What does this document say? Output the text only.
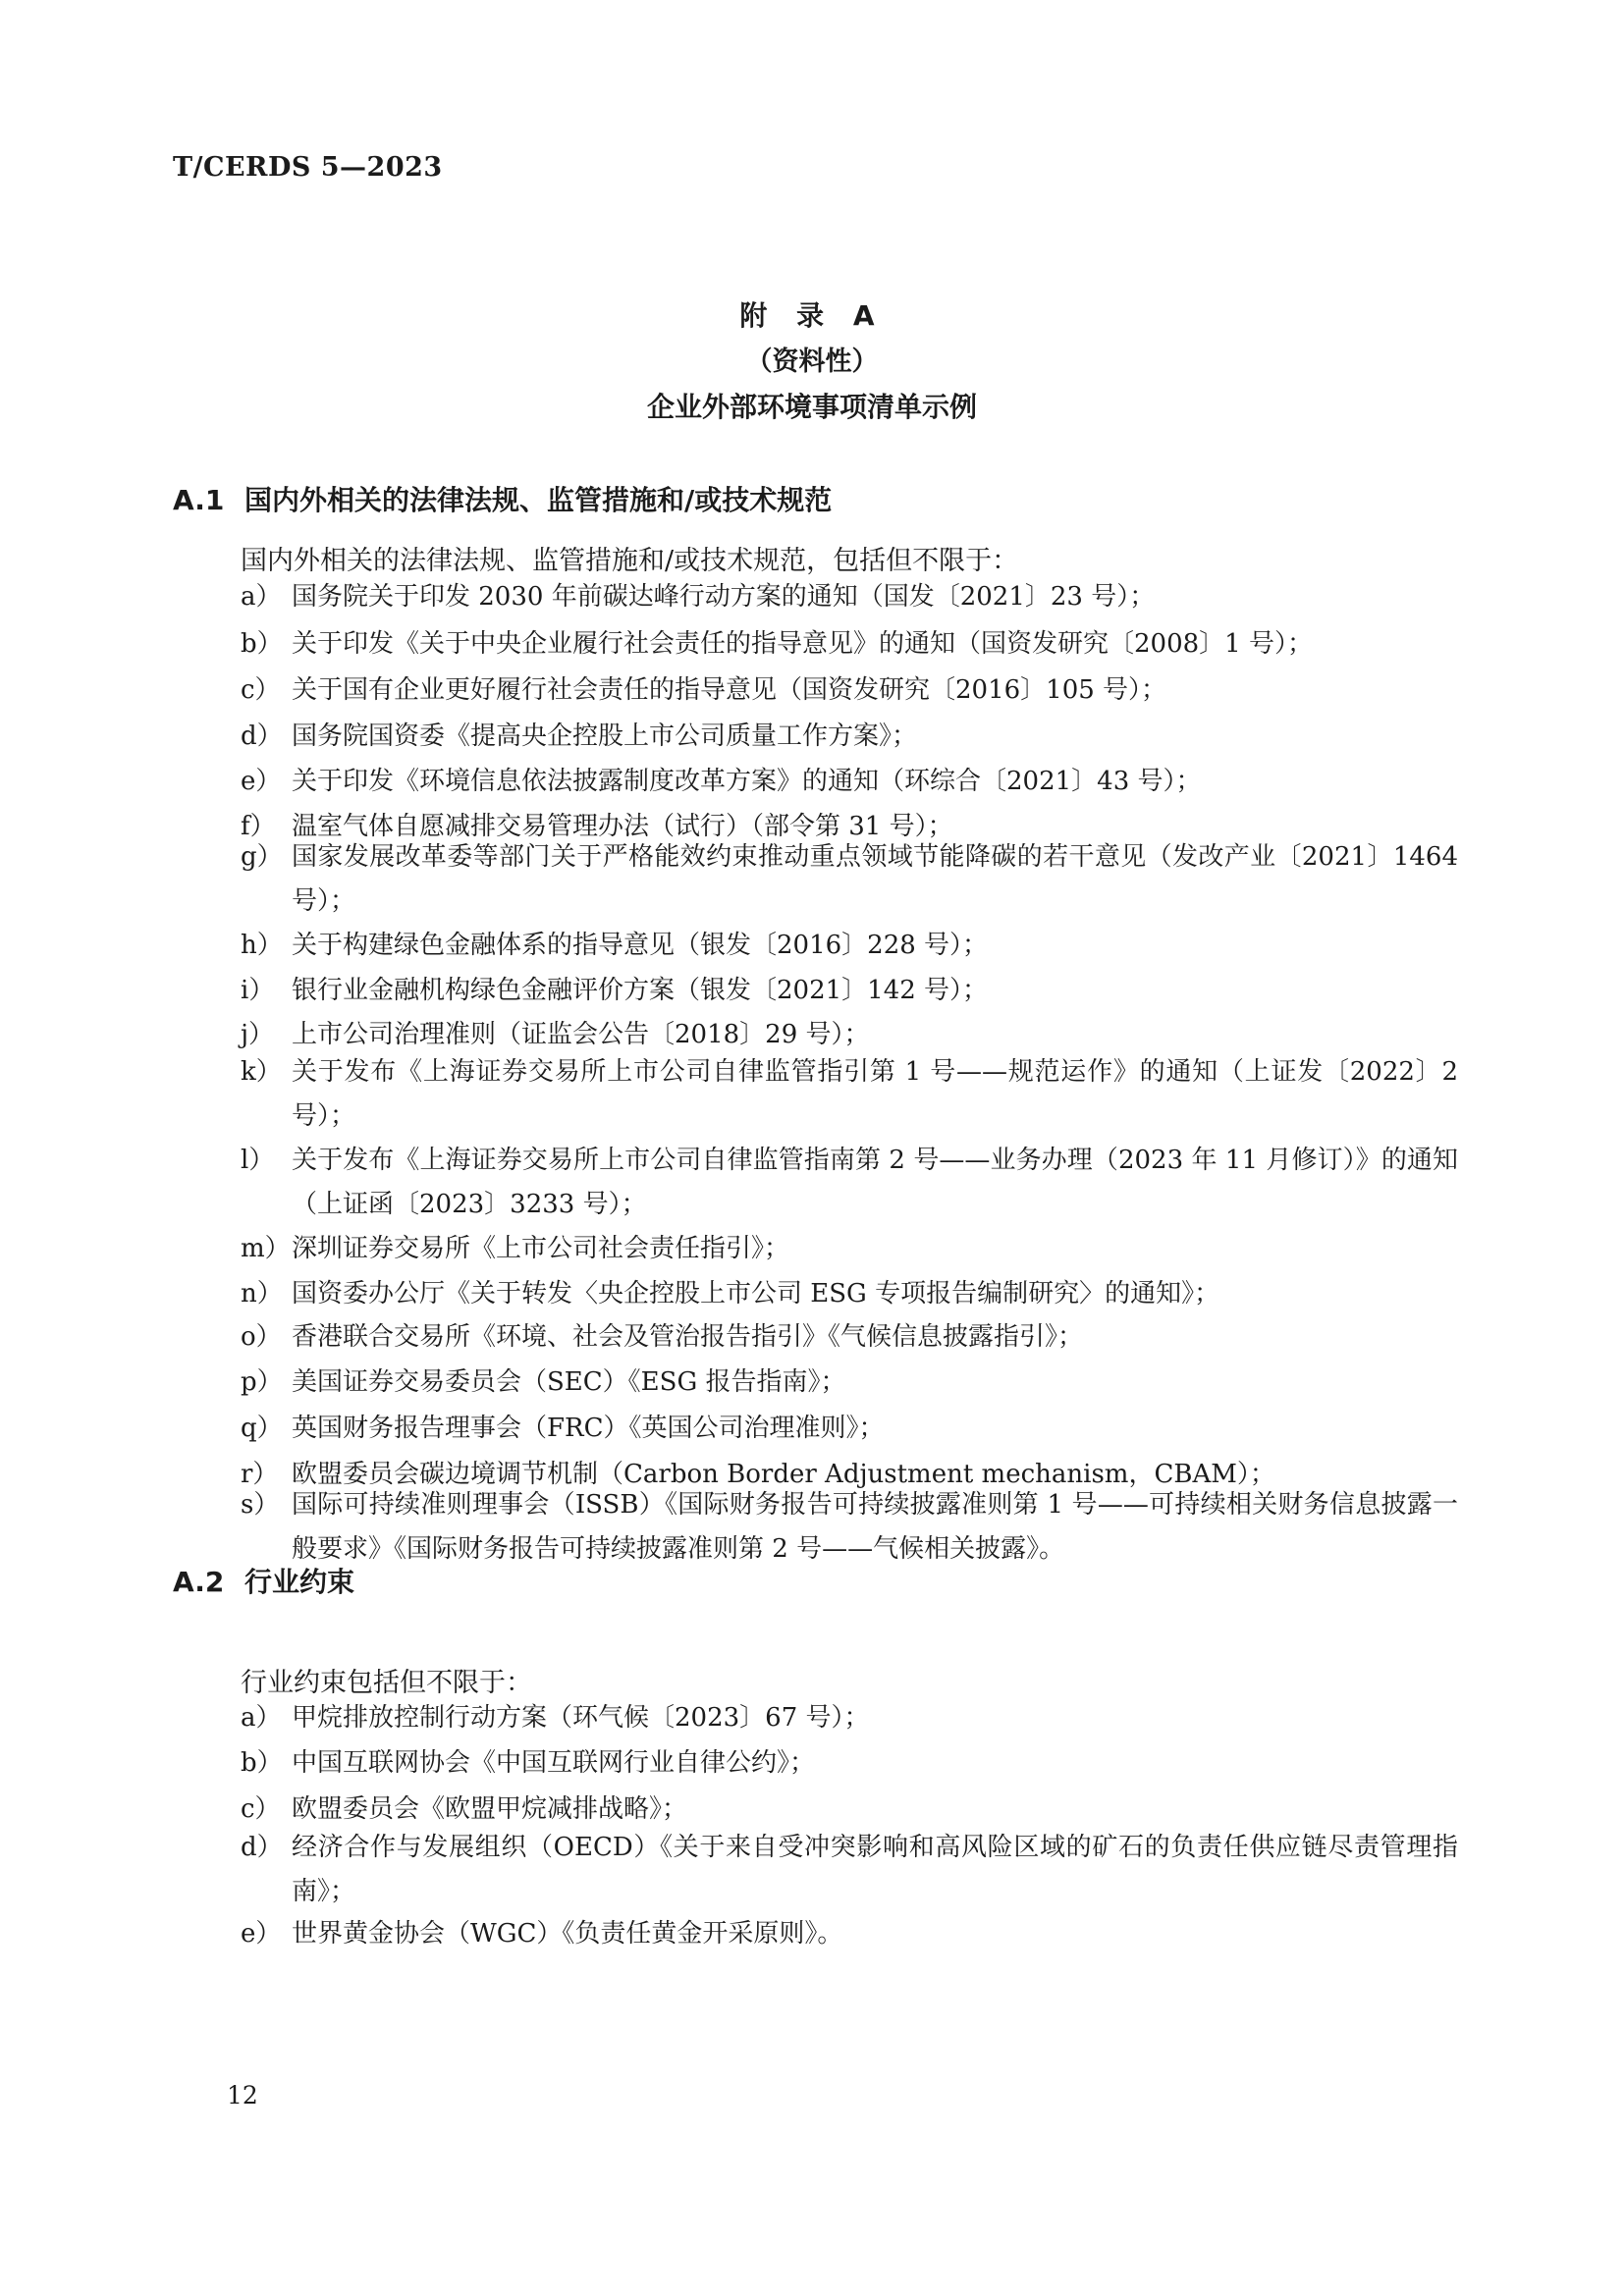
T/CERDS 5—2023
附 录 A
（资料性）
企业外部环境事项清单示例
A.1 国内外相关的法律法规、监管措施和/或技术规范
国内外相关的法律法规、监管措施和/或技术规范，包括但不限于：
a） 国务院关于印发 2030 年前碳达峰行动方案的通知（国发〔2021〕23 号）；
b） 关于印发《关于中央企业履行社会责任的指导意见》的通知（国资发研究〔2008〕1 号）；
c） 关于国有企业更好履行社会责任的指导意见（国资发研究〔2016〕105 号）；
d） 国务院国资委《提高央企控股上市公司质量工作方案》；
e） 关于印发《环境信息依法披露制度改革方案》的通知（环综合〔2021〕43 号）；
f） 温室气体自愿减排交易管理办法（试行）（部令第 31 号）；
g） 国家发展改革委等部门关于严格能效约束推动重点领域节能降碳的若干意见（发改产业〔2021〕1464 号）；
h） 关于构建绿色金融体系的指导意见（银发〔2016〕228 号）；
i） 银行业金融机构绿色金融评价方案（银发〔2021〕142 号）；
j） 上市公司治理准则（证监会公告〔2018〕29 号）；
k） 关于发布《上海证券交易所上市公司自律监管指引第 1 号——规范运作》的通知（上证发〔2022〕2 号）；
l） 关于发布《上海证券交易所上市公司自律监管指南第 2 号——业务办理（2023 年 11 月修订）》的通知（上证函〔2023〕3233 号）；
m） 深圳证券交易所《上市公司社会责任指引》；
n） 国资委办公厅《关于转发〈央企控股上市公司 ESG 专项报告编制研究〉的通知》；
o） 香港联合交易所《环境、社会及管治报告指引》《气候信息披露指引》；
p） 美国证券交易委员会（SEC）《ESG 报告指南》；
q） 英国财务报告理事会（FRC）《英国公司治理准则》；
r） 欧盟委员会碳边境调节机制（Carbon Border Adjustment mechanism，CBAM）；
s） 国际可持续准则理事会（ISSB）《国际财务报告可持续披露准则第 1 号——可持续相关财务信息披露一般要求》《国际财务报告可持续披露准则第 2 号——气候相关披露》。
A.2 行业约束
行业约束包括但不限于：
a） 甲烷排放控制行动方案（环气候〔2023〕67 号）；
b） 中国互联网协会《中国互联网行业自律公约》；
c） 欧盟委员会《欧盟甲烷减排战略》；
d） 经济合作与发展组织（OECD）《关于来自受冲突影响和高风险区域的矿石的负责任供应链尽责管理指南》；
e） 世界黄金协会（WGC）《负责任黄金开采原则》。
12
